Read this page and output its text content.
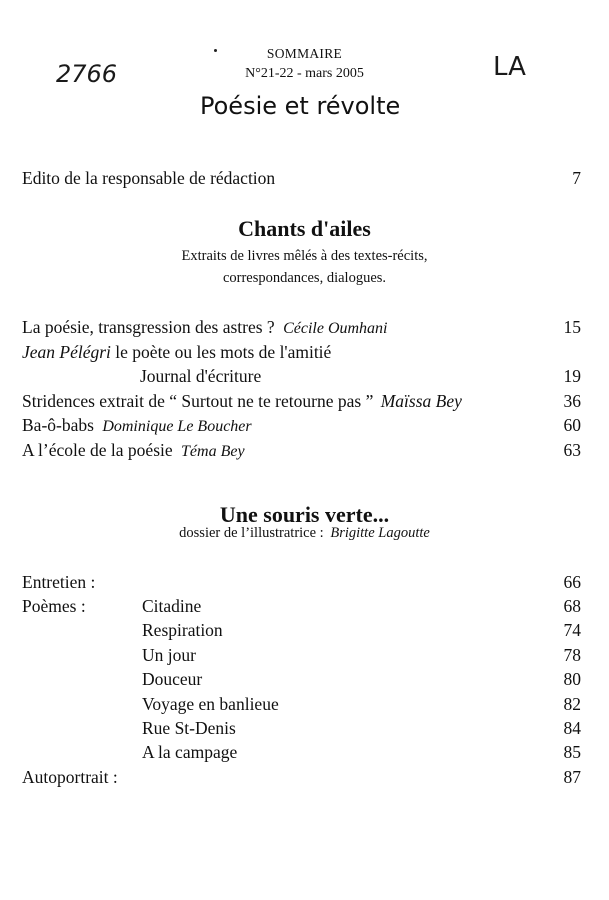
2766	LA
SOMMAIRE
N°21-22 - mars 2005
Poésie et révolte
Edito de la responsable de rédaction	7
Chants d'ailes
Extraits de livres mêlés à des textes-récits,
correspondances, dialogues.
La poésie, transgression des astres ? Cécile Oumhani	15
Jean Pélégri le poète ou les mots de l'amitié
Journal d'écriture	19
Stridences extrait de “ Surtout ne te retourne pas ” Maïssa Bey	36
Ba-ô-babs Dominique Le Boucher	60
A l’école de la poésie Téma Bey	63
Une souris verte...
dossier de l’illustratrice : Brigitte Lagoutte
Entretien :	66
Poèmes :	Citadine	68
Respiration	74
Un jour	78
Douceur	80
Voyage en banlieue	82
Rue St-Denis	84
A la campage	85
Autoportrait :	87
